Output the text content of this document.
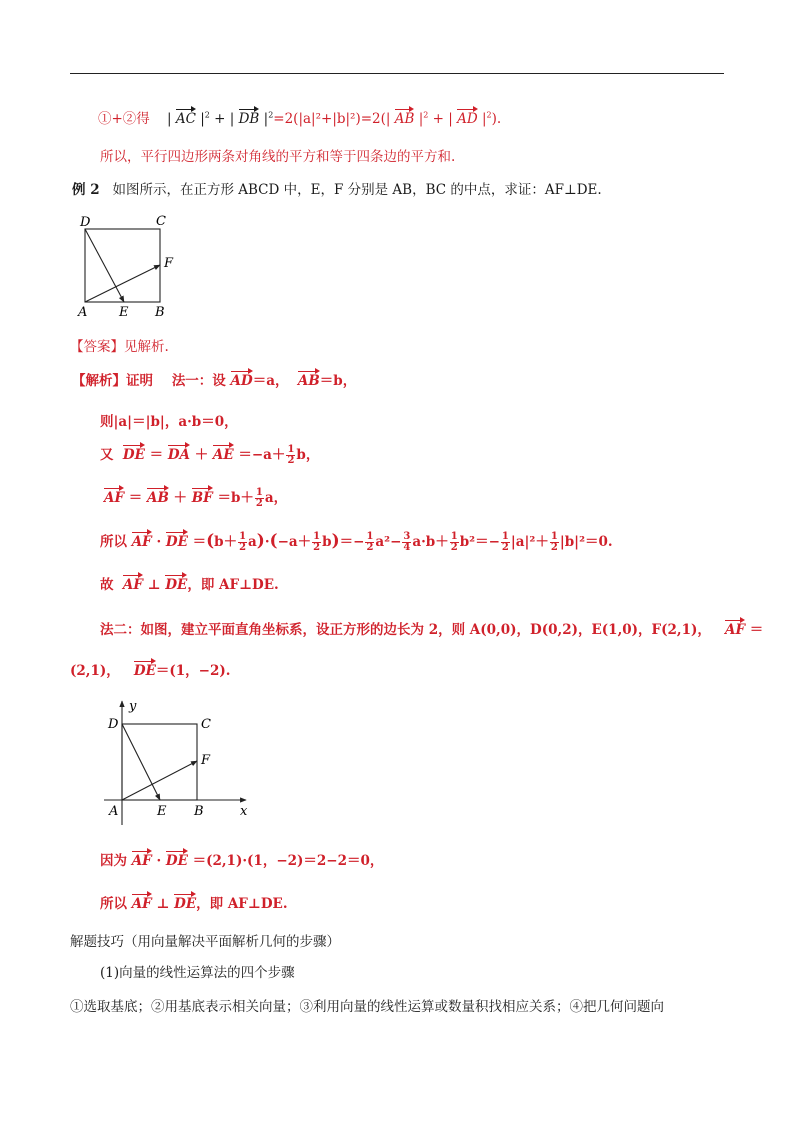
①+②得 | AC $|^2$ + | DB $|^2=2(|a|^2+|b|^2)=2(|$ AB $|^2$ + | AD $|^2$).
所以，平行四边形两条对角线的平方和等于四条边的平方和.
例 2 如图所示，在正方形 ABCD 中，E，F 分别是 AB，BC 的中点，求证：AF⊥DE.
D	C
F
A E B
【答案】见解析.
【解析】证明 法一：设 AD＝a， AB＝b，
则|a|＝|b|，a·b＝0，
又 DE ＝ DA ＋ AE $=-a+ \frac{1}{2}$ b，
AF ＝ AB ＋ BF $=b+ \frac{1}{2}$ a，
所以 AF · DE $=(b+ \frac{1}{2} a)\cdot(-a+ \frac{1}{2} b)=- \frac{1}{2} a^2- \frac{3}{4} a\cdot b+ \frac{1}{2} b^2=- \frac{1}{2} |a|^2+ \frac{1}{2} |b|^2=0$.
故 AF ⊥ DE，即 AF⊥DE.
法二：如图，建立平面直角坐标系，设正方形的边长为 2，则 A(0,0)，D(0,2)，E(1,0)，F(2,1)， AF ＝
(2,1)， DE＝(1，−2).
y
D	C
F
A	E B	x
因为 AF · DE ＝(2,1)·(1，−2)＝2−2＝0，
所以 AF ⊥ DE，即 AF⊥DE.
解题技巧（用向量解决平面解析几何的步骤）
(1)向量的线性运算法的四个步骤
①选取基底；②用基底表示相关向量；③利用向量的线性运算或数量积找相应关系；④把几何问题向
